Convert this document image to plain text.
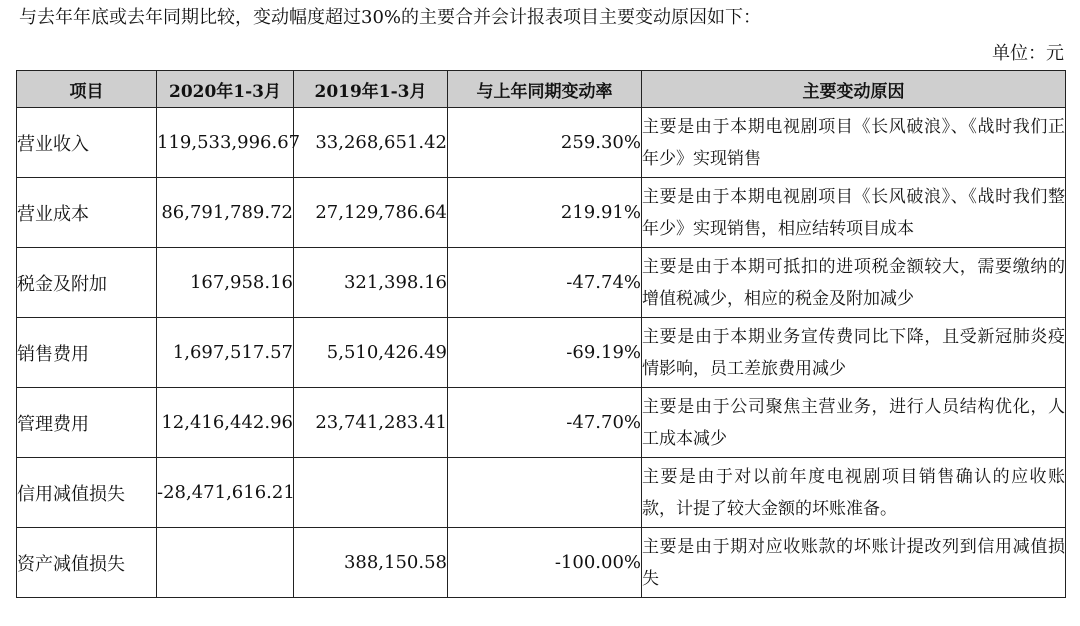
与去年年底或去年同期比较，变动幅度超过30%的主要合并会计报表项目主要变动原因如下：
单位：元
项目	2020年1-3月	2019年1-3月	与上年同期变动率	主要变动原因
营业收入	119,533,996.67	33,268,651.42	259.30%	主要是由于本期电视剧项目《长风破浪》、《战时我们正年少》实现销售
营业成本	86,791,789.72	27,129,786.64	219.91%	主要是由于本期电视剧项目《长风破浪》、《战时我们整年少》实现销售，相应结转项目成本
税金及附加	167,958.16	321,398.16	-47.74%	主要是由于本期可抵扣的进项税金额较大，需要缴纳的增值税减少，相应的税金及附加减少
销售费用	1,697,517.57	5,510,426.49	-69.19%	主要是由于本期业务宣传费同比下降，且受新冠肺炎疫情影响，员工差旅费用减少
管理费用	12,416,442.96	23,741,283.41	-47.70%	主要是由于公司聚焦主营业务，进行人员结构优化，人工成本减少
信用减值损失	-28,471,616.21			主要是由于对以前年度电视剧项目销售确认的应收账款，计提了较大金额的坏账准备。
资产减值损失		388,150.58	-100.00%	主要是由于期对应收账款的坏账计提改列到信用减值损失
